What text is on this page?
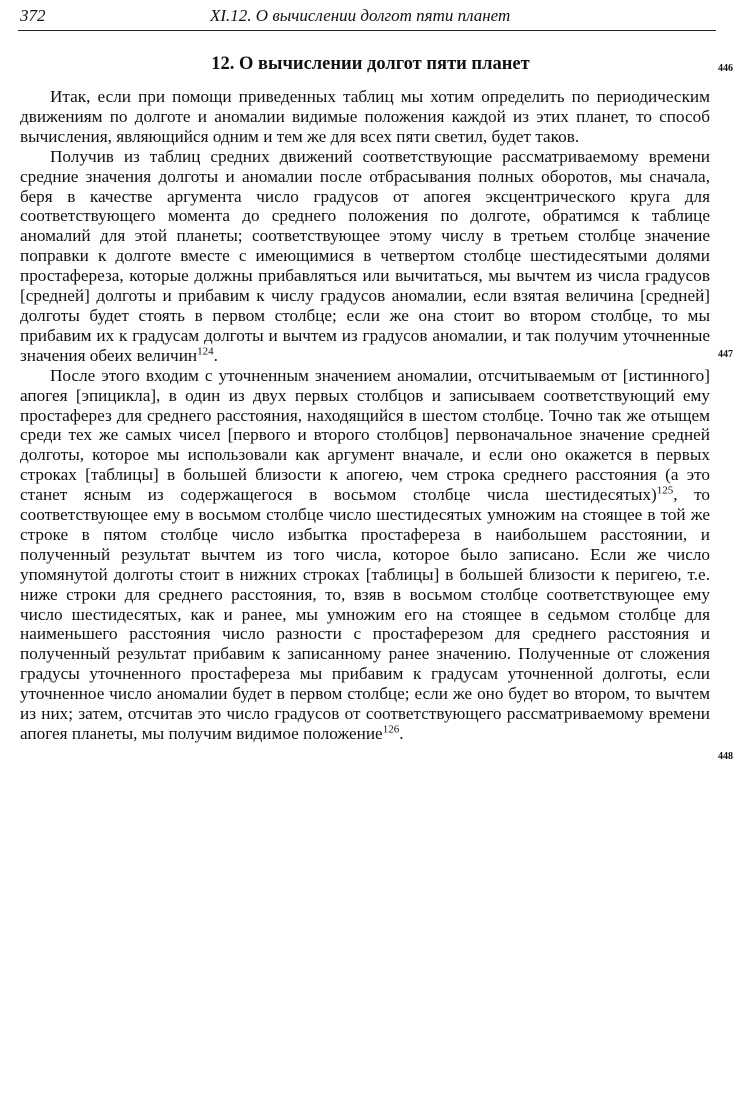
372	XI.12. О вычислении долгот пяти планет
12. О вычислении долгот пяти планет	446
447
448

Итак, если при помощи приведенных таблиц мы хотим определить по периодическим движениям по долготе и аномалии видимые положения каждой из этих планет, то способ вычисления, являющийся одним и тем же для всех пяти светил, будет таков.

Получив из таблиц средних движений соответствующие рассматриваемому времени средние значения долготы и аномалии после отбрасывания полных оборотов, мы сначала, беря в качестве аргумента число градусов от апогея эксцентрического круга для соответствующего момента до среднего положения по долготе, обратимся к таблице аномалий для этой планеты; соответствующее этому числу в третьем столбце значение поправки к долготе вместе с имеющимися в четвертом столбце шестидесятыми долями простафереза, которые должны прибавляться или вычитаться, мы вычтем из числа градусов [средней] долготы и прибавим к числу градусов аномалии, если взятая величина [средней] долготы будет стоять в первом столбце; если же она стоит во втором столбце, то мы прибавим их к градусам долготы и вычтем из градусов аномалии, и так получим уточненные значения обеих величин$^{124}$.

После этого входим с уточненным значением аномалии, отсчитываемым от [истинного] апогея [эпицикла], в один из двух первых столбцов и записываем соответствующий ему простаферез для среднего расстояния, находящийся в шестом столбце. Точно так же отыщем среди тех же самых чисел [первого и второго столбцов] первоначальное значение средней долготы, которое мы использовали как аргумент вначале, и если оно окажется в первых строках [таблицы] в большей близости к апогею, чем строка среднего расстояния (а это станет ясным из содержащегося в восьмом столбце числа шестидесятых)$^{125}$, то соответствующее ему в восьмом столбце число шестидесятых умножим на стоящее в той же строке в пятом столбце число избытка простафереза в наибольшем расстоянии, и полученный результат вычтем из того числа, которое было записано. Если же число упомянутой долготы стоит в нижних строках [таблицы] в большей близости к перигею, т.е. ниже строки для среднего расстояния, то, взяв в восьмом столбце соответствующее ему число шестидесятых, как и ранее, мы умножим его на стоящее в седьмом столбце для наименьшего расстояния число разности с простаферезом для среднего расстояния и полученный результат прибавим к записанному ранее значению. Полученные от сложения градусы уточненного простафереза мы прибавим к градусам уточненной долготы, если уточненное число аномалии будет в первом столбце; если же оно будет во втором, то вычтем из них; затем, отсчитав это число градусов от соответствующего рассматриваемому времени апогея планеты, мы получим видимое положение$^{126}$.
